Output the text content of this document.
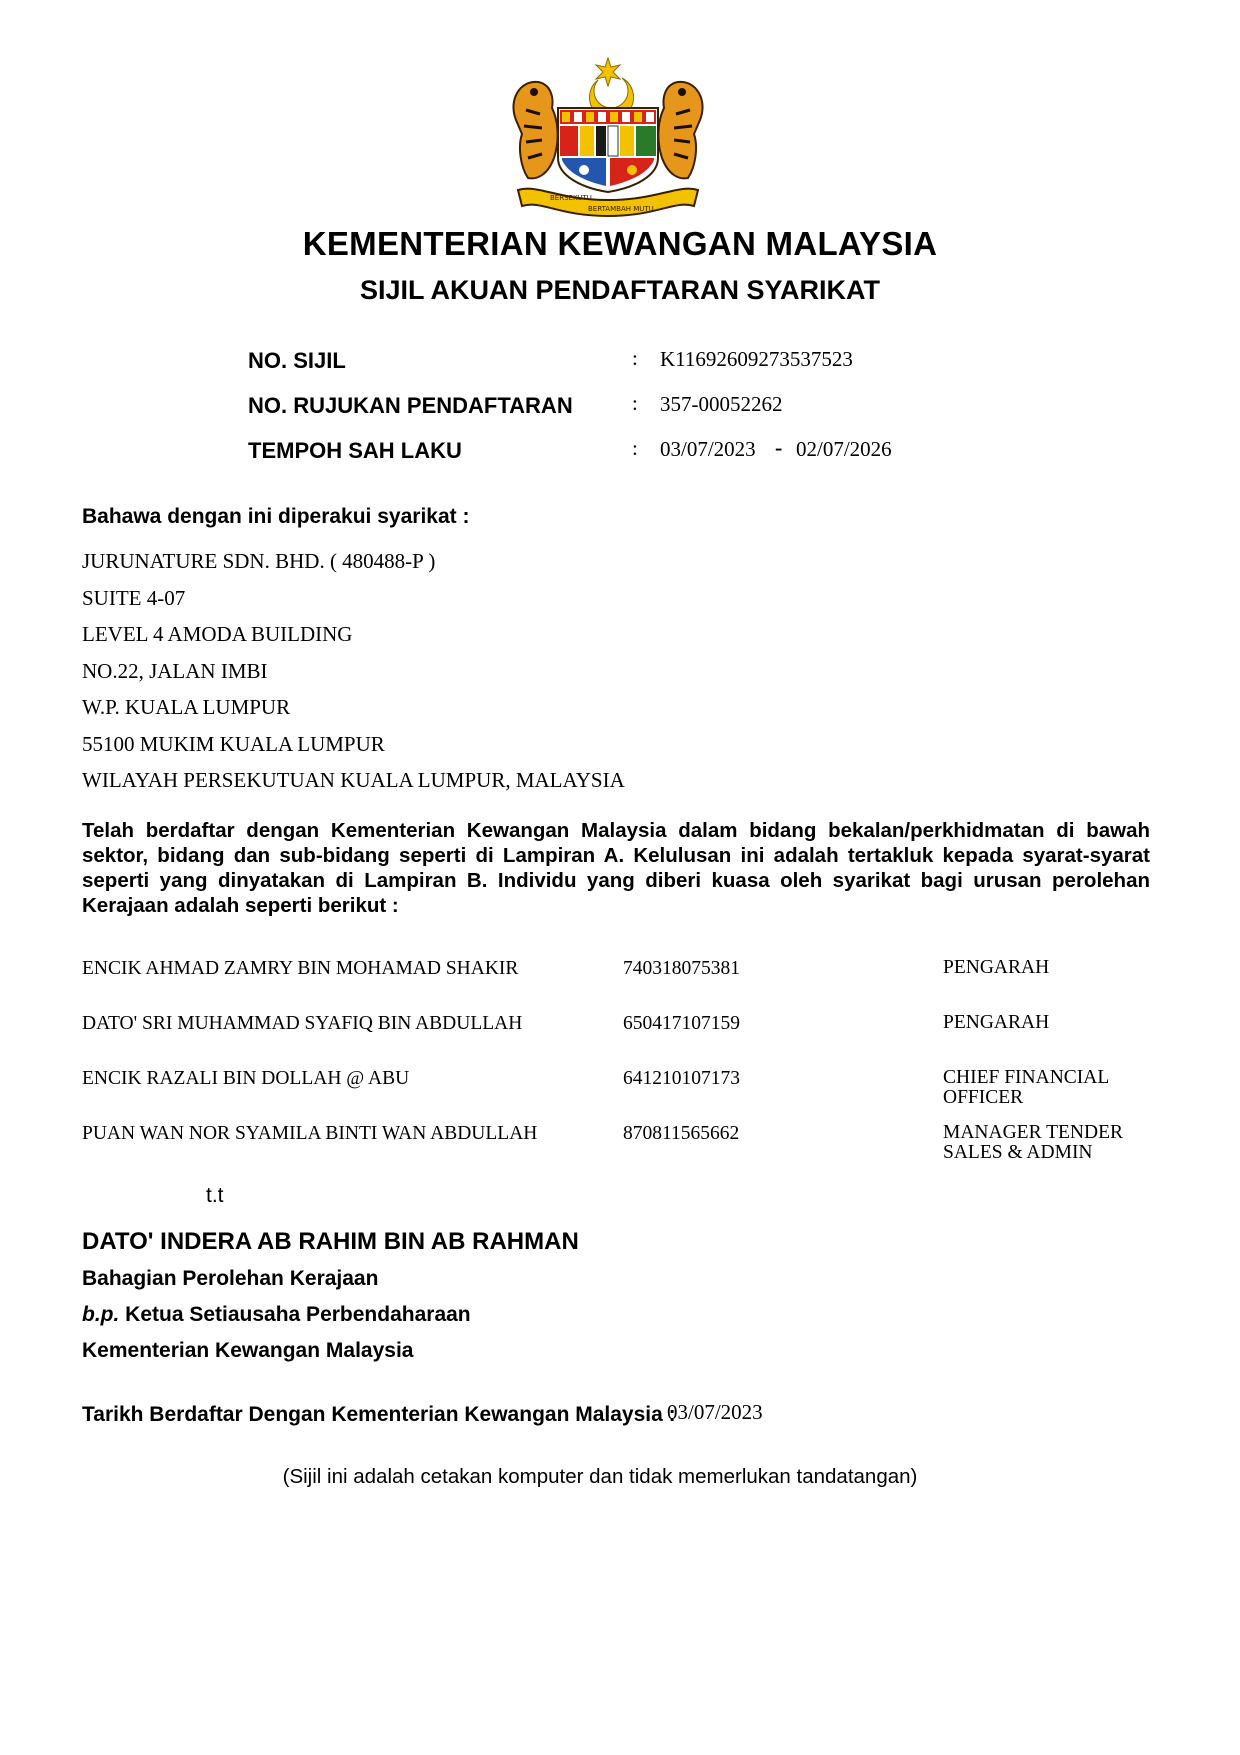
BERSEKUTU
BERTAMBAH MUTU
KEMENTERIAN KEWANGAN MALAYSIA
SIJIL AKUAN PENDAFTARAN SYARIKAT
NO. SIJIL	: K11692609273537523
NO. RUJUKAN PENDAFTARAN	: 357-00052262
TEMPOH SAH LAKU	: 03/07/2023 - 02/07/2026
Bahawa dengan ini diperakui syarikat :
JURUNATURE SDN. BHD. ( 480488-P )
SUITE 4-07
LEVEL 4 AMODA BUILDING
NO.22, JALAN IMBI
W.P. KUALA LUMPUR
55100 MUKIM KUALA LUMPUR
WILAYAH PERSEKUTUAN KUALA LUMPUR, MALAYSIA
Telah berdaftar dengan Kementerian Kewangan Malaysia dalam bidang bekalan/perkhidmatan di bawah sektor, bidang dan sub-bidang seperti di Lampiran A. Kelulusan ini adalah tertakluk kepada syarat-syarat seperti yang dinyatakan di Lampiran B. Individu yang diberi kuasa oleh syarikat bagi urusan perolehan Kerajaan adalah seperti berikut :
ENCIK AHMAD ZAMRY BIN MOHAMAD SHAKIR	740318075381	PENGARAH
DATO' SRI MUHAMMAD SYAFIQ BIN ABDULLAH	650417107159	PENGARAH
ENCIK RAZALI BIN DOLLAH @ ABU	641210107173	CHIEF FINANCIAL OFFICER
PUAN WAN NOR SYAMILA BINTI WAN ABDULLAH	870811565662	MANAGER TENDER SALES & ADMIN
t.t
DATO' INDERA AB RAHIM BIN AB RAHMAN
Bahagian Perolehan Kerajaan
b.p. Ketua Setiausaha Perbendaharaan
Kementerian Kewangan Malaysia
Tarikh Berdaftar Dengan Kementerian Kewangan Malaysia :
03/07/2023
(Sijil ini adalah cetakan komputer dan tidak memerlukan tandatangan)
